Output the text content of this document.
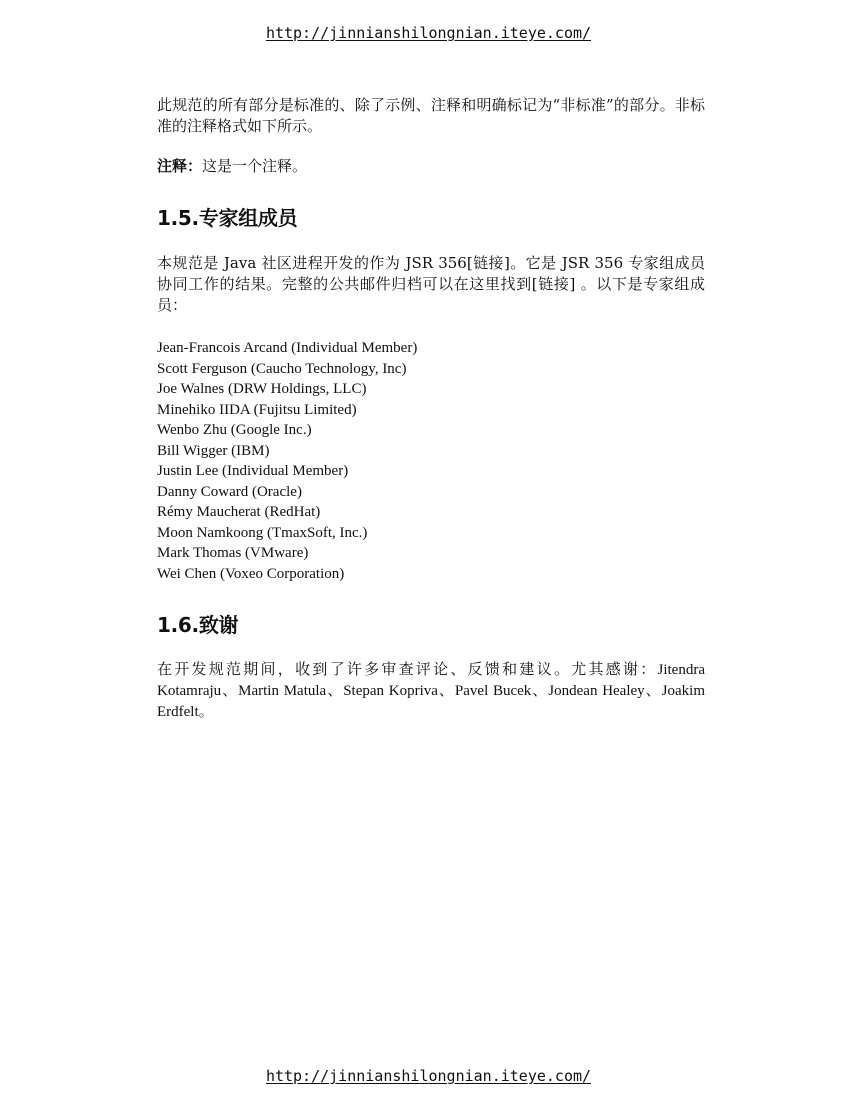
http://jinnianshilongnian.iteye.com/

此规范的所有部分是标准的、除了示例、注释和明确标记为“非标准”的部分。非标准的注释格式如下所示。

注释：这是一个注释。

1.5.专家组成员

本规范是 Java 社区进程开发的作为 JSR 356[链接]。它是 JSR 356 专家组成员协同工作的结果。完整的公共邮件归档可以在这里找到[链接] 。以下是专家组成员：

Jean-Francois Arcand (Individual Member)
Scott Ferguson (Caucho Technology, Inc)
Joe Walnes (DRW Holdings, LLC)
Minehiko IIDA (Fujitsu Limited)
Wenbo Zhu (Google Inc.)
Bill Wigger (IBM)
Justin Lee (Individual Member)
Danny Coward (Oracle)
Rémy Maucherat (RedHat)
Moon Namkoong (TmaxSoft, Inc.)
Mark Thomas (VMware)
Wei Chen (Voxeo Corporation)
1.6.致谢

在开发规范期间，收到了许多审查评论、反馈和建议。尤其感谢：Jitendra Kotamraju、Martin Matula、Stepan Kopriva、Pavel Bucek、Jondean Healey、Joakim Erdfelt。

http://jinnianshilongnian.iteye.com/
